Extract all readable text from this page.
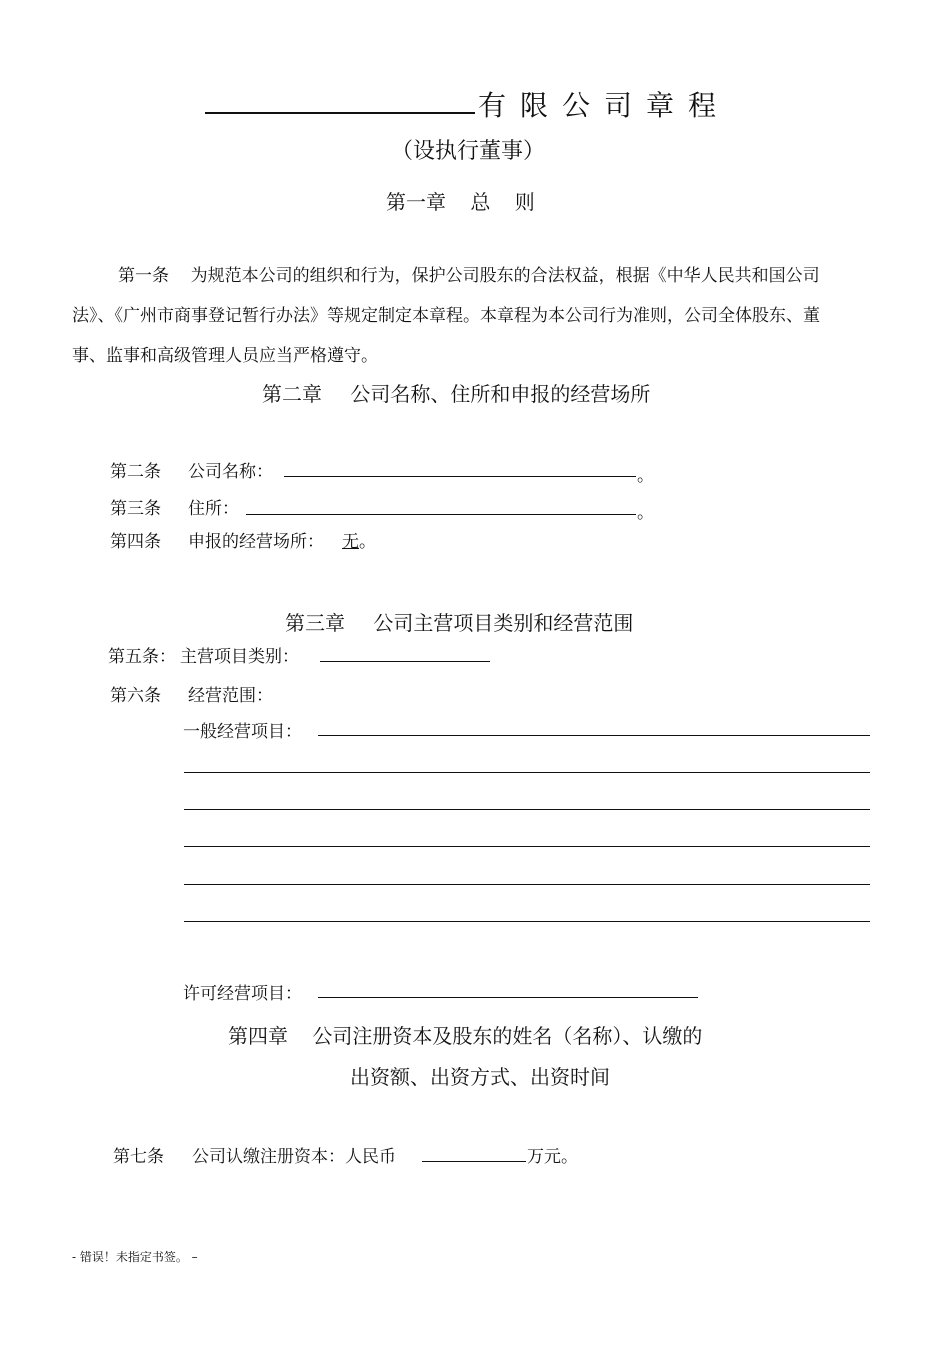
有限公司章程
（设执行董事）
第一章 总 则
第一条 为规范本公司的组织和行为，保护公司股东的合法权益，根据《中华人民共和国公司法》、《广州市商事登记暂行办法》等规定制定本章程。本章程为本公司行为准则，公司全体股东、董事、监事和高级管理人员应当严格遵守。
第二章 公司名称、住所和申报的经营场所
第二条 公司名称：	。
第三条 住所：	。
第四条 申报的经营场所： 无 。
第三章 公司主营项目类别和经营范围
第五条： 主营项目类别：
第六条 经营范围：
一般经营项目：
许可经营项目：
第四章 公司注册资本及股东的姓名（名称）、认缴的
出资额、出资方式、出资时间
第七条 公司认缴注册资本：人民币	万元。
- 错误！未指定书签。 –
